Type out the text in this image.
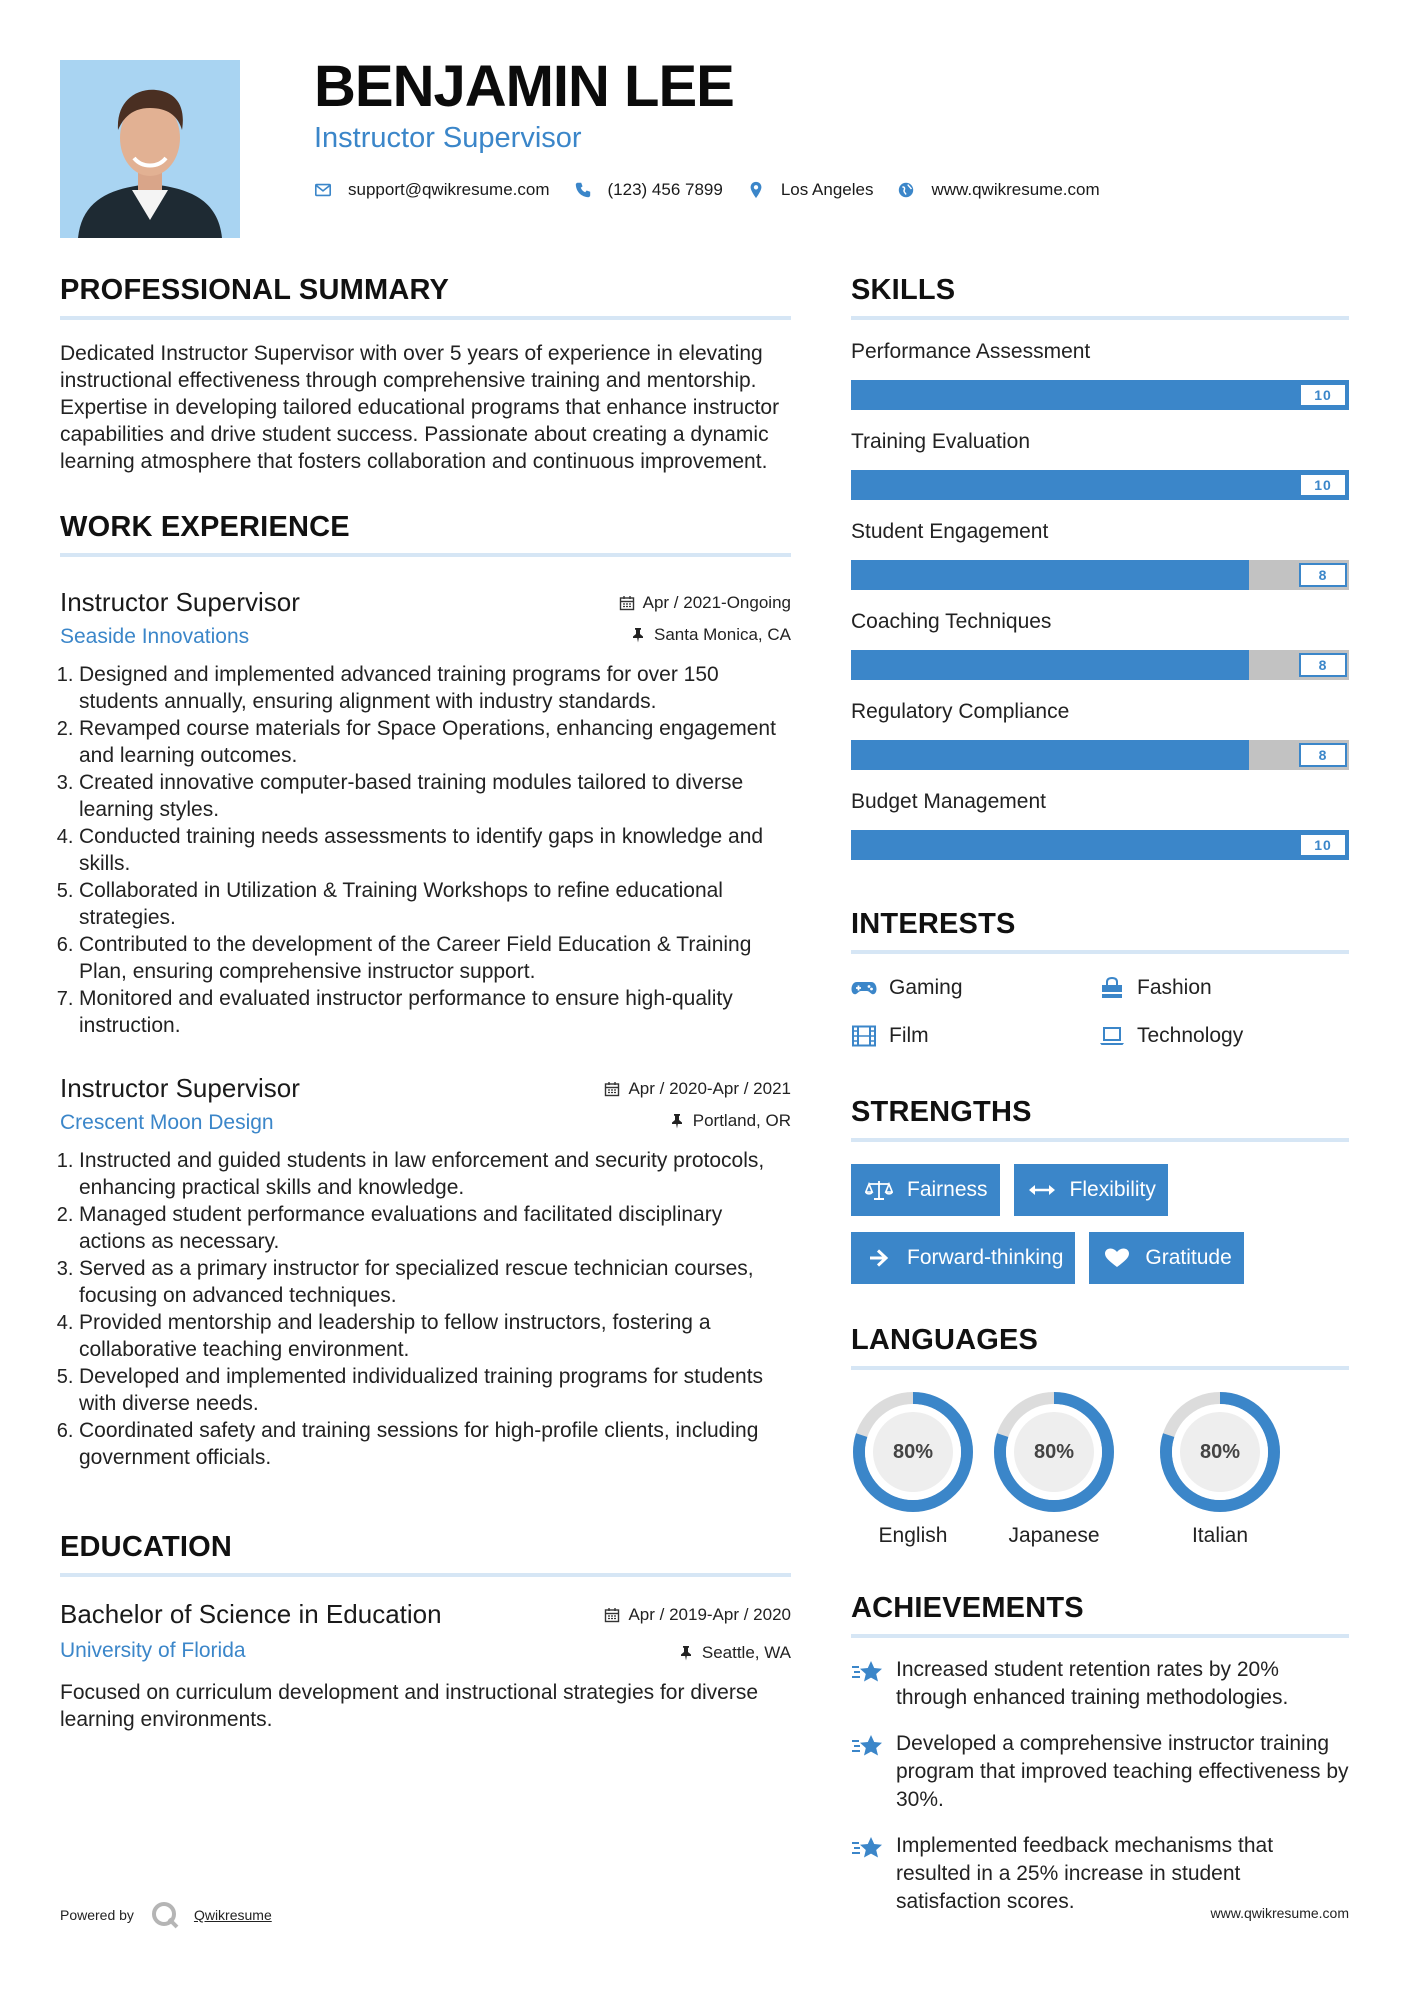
BENJAMIN LEE
Instructor Supervisor
support@qwikresume.com	(123) 456 7899	Los Angeles	www.qwikresume.com
PROFESSIONAL SUMMARY

Dedicated Instructor Supervisor with over 5 years of experience in elevating instructional effectiveness through comprehensive training and mentorship. Expertise in developing tailored educational programs that enhance instructor capabilities and drive student success. Passionate about creating a dynamic learning atmosphere that fosters collaboration and continuous improvement.

WORK EXPERIENCE
Instructor Supervisor
Seaside Innovations
Apr / 2021-Ongoing
Santa Monica, CA
1. Designed and implemented advanced training programs for over 150 students annually, ensuring alignment with industry standards.
2. Revamped course materials for Space Operations, enhancing engagement and learning outcomes.
3. Created innovative computer-based training modules tailored to diverse learning styles.
4. Conducted training needs assessments to identify gaps in knowledge and skills.
5. Collaborated in Utilization & Training Workshops to refine educational strategies.
6. Contributed to the development of the Career Field Education & Training Plan, ensuring comprehensive instructor support.
7. Monitored and evaluated instructor performance to ensure high-quality instruction.
Instructor Supervisor
Crescent Moon Design
Apr / 2020-Apr / 2021
Portland, OR
1. Instructed and guided students in law enforcement and security protocols, enhancing practical skills and knowledge.
2. Managed student performance evaluations and facilitated disciplinary actions as necessary.
3. Served as a primary instructor for specialized rescue technician courses, focusing on advanced techniques.
4. Provided mentorship and leadership to fellow instructors, fostering a collaborative teaching environment.
5. Developed and implemented individualized training programs for students with diverse needs.
6. Coordinated safety and training sessions for high-profile clients, including government officials.
EDUCATION
Bachelor of Science in Education
University of Florida
Apr / 2019-Apr / 2020
Seattle, WA

Focused on curriculum development and instructional strategies for diverse learning environments.

SKILLS
Performance Assessment
10
Training Evaluation
10
Student Engagement
8
Coaching Techniques
8
Regulatory Compliance
8
Budget Management
10
INTERESTS
Gaming	Fashion
Film	Technology
STRENGTHS
Fairness	Flexibility
Forward-thinking	Gratitude
LANGUAGES
80%
English
80%
Japanese
80%
Italian
ACHIEVEMENTS
Increased student retention rates by 20% through enhanced training methodologies.
Developed a comprehensive instructor training program that improved teaching effectiveness by 30%.
Implemented feedback mechanisms that resulted in a 25% increase in student satisfaction scores.
Powered by	Qwikresume	www.qwikresume.com
